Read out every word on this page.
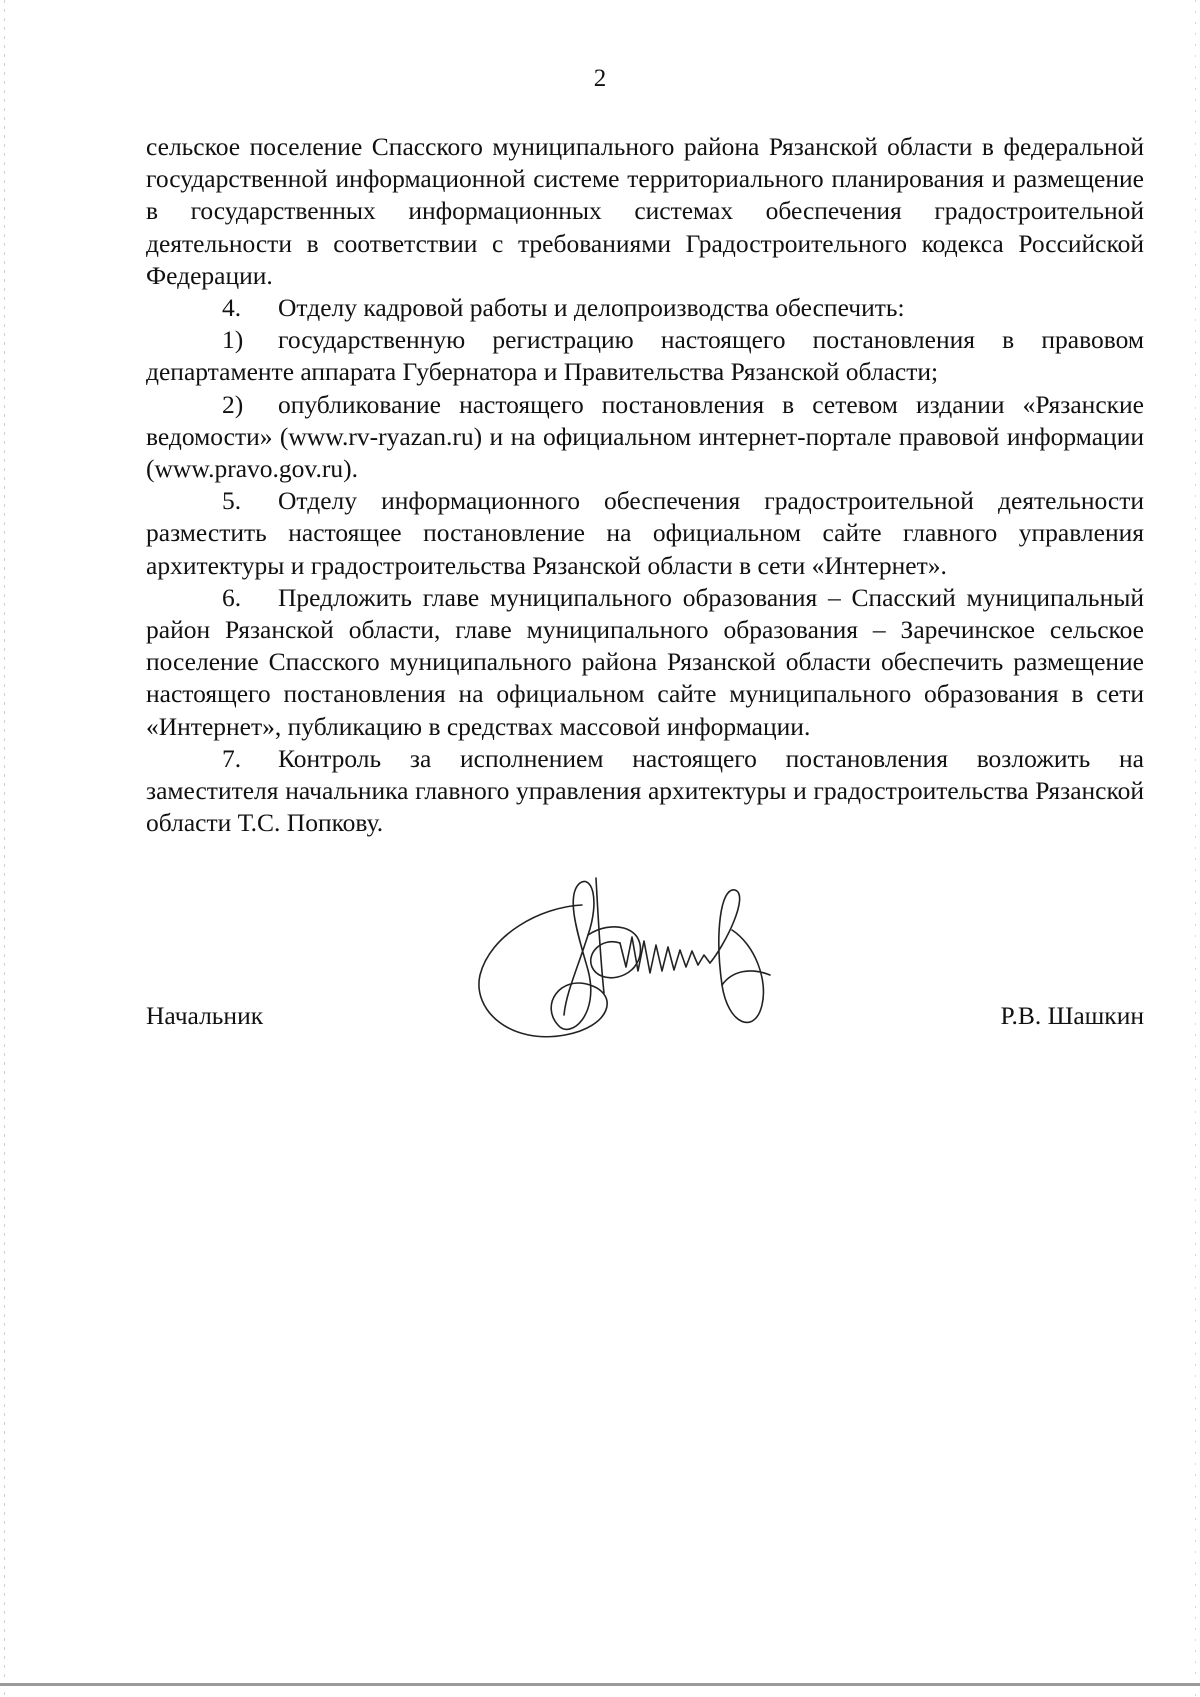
2

сельское поселение Спасского муниципального района Рязанской области в федеральной государственной информационной системе территориального планирования и размещение в государственных информационных системах обеспечения градостроительной деятельности в соответствии с требованиями Градостроительного кодекса Российской Федерации.

4. Отделу кадровой работы и делопроизводства обеспечить:

1) государственную регистрацию настоящего постановления в правовом департаменте аппарата Губернатора и Правительства Рязанской области;

2) опубликование настоящего постановления в сетевом издании «Рязанские ведомости» (www.rv-ryazan.ru) и на официальном интернет-портале правовой информации (www.pravo.gov.ru).

5. Отделу информационного обеспечения градостроительной деятельности разместить настоящее постановление на официальном сайте главного управления архитектуры и градостроительства Рязанской области в сети «Интернет».

6. Предложить главе муниципального образования – Спасский муниципальный район Рязанской области, главе муниципального образования – Заречинское сельское поселение Спасского муниципального района Рязанской области обеспечить размещение настоящего постановления на официальном сайте муниципального образования в сети «Интернет», публикацию в средствах массовой информации.

7. Контроль за исполнением настоящего постановления возложить на заместителя начальника главного управления архитектуры и градостроительства Рязанской области Т.С. Попкову.

Начальник	Р.В. Шашкин
